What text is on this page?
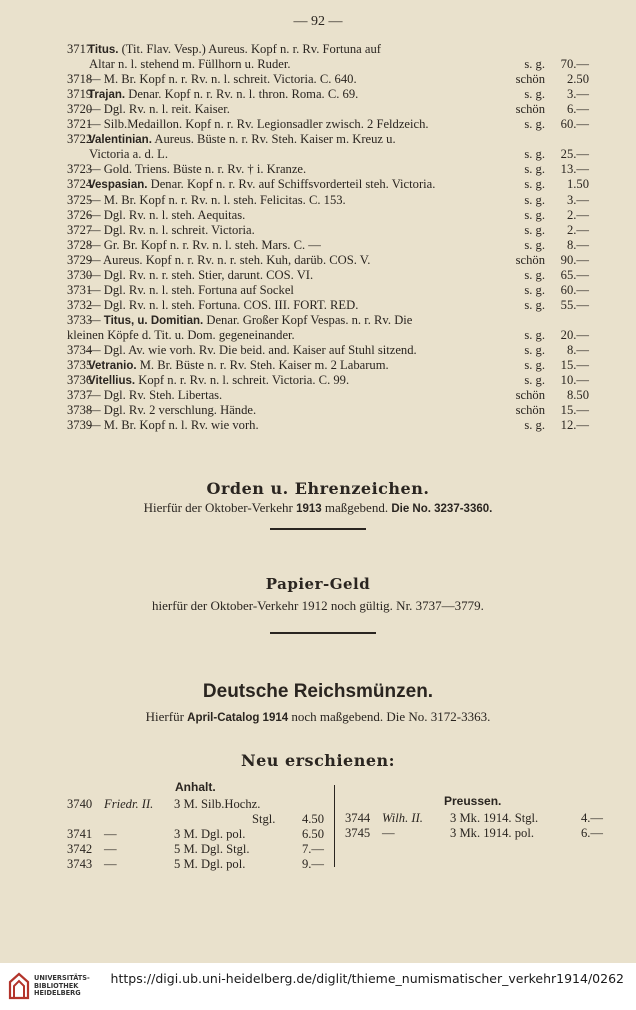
— 92 —
3717
Titus. (Tit. Flav. Vesp.) Aureus. Kopf n. r. Rv. Fortuna auf
Altar n. l. stehend m. Füllhorn u. Ruder.	s. g. 70.—
3718
— M. Br. Kopf n. r. Rv. n. l. schreit. Victoria. C. 640.	schön 2.50
3719
Trajan. Denar. Kopf n. r. Rv. n. l. thron. Roma. C. 69.	s. g. 3.—
3720
— Dgl. Rv. n. l. reit. Kaiser.	schön 6.—
3721
— Silb.Medaillon. Kopf n. r. Rv. Legionsadler zwisch. 2 Feldzeich.	s. g. 60.—
3722
Valentinian. Aureus. Büste n. r. Rv. Steh. Kaiser m. Kreuz u.
Victoria a. d. L.	s. g. 25.—
3723
— Gold. Triens. Büste n. r. Rv. † i. Kranze.	s. g. 13.—
3724
Vespasian. Denar. Kopf n. r. Rv. auf Schiffsvorderteil steh. Victoria.	s. g. 1.50
3725
— M. Br. Kopf n. r. Rv. n. l. steh. Felicitas. C. 153.	s. g. 3.—
3726
— Dgl. Rv. n. l. steh. Aequitas.	s. g. 2.—
3727
— Dgl. Rv. n. l. schreit. Victoria.	s. g. 2.—
3728
— Gr. Br. Kopf n. r. Rv. n. l. steh. Mars. C. —	s. g. 8.—
3729
— Aureus. Kopf n. r. Rv. n. r. steh. Kuh, darüb. COS. V.	schön 90.—
3730
— Dgl. Rv. n. r. steh. Stier, darunt. COS. VI.	s. g. 65.—
3731
— Dgl. Rv. n. l. steh. Fortuna auf Sockel	s. g. 60.—
3732
— Dgl. Rv. n. l. steh. Fortuna. COS. III. FORT. RED.	s. g. 55.—
3733
— Titus, u. Domitian. Denar. Großer Kopf Vespas. n. r. Rv. Die
kleinen Köpfe d. Tit. u. Dom. gegeneinander.	s. g. 20.—
3734
— Dgl. Av. wie vorh. Rv. Die beid. and. Kaiser auf Stuhl sitzend.	s. g. 8.—
3735
Vetranio. M. Br. Büste n. r. Rv. Steh. Kaiser m. 2 Labarum.	s. g. 15.—
3736
Vitellius. Kopf n. r. Rv. n. l. schreit. Victoria. C. 99.	s. g. 10.—
3737
— Dgl. Rv. Steh. Libertas.	schön 8.50
3738
— Dgl. Rv. 2 verschlung. Hände.	schön 15.—
3739
— M. Br. Kopf n. l. Rv. wie vorh.	s. g. 12.—
Orden u. Ehrenzeichen.
Hierfür der Oktober-Verkehr 1913 maßgebend. Die No. 3237-3360.
Papier-Geld
hierfür der Oktober-Verkehr 1912 noch gültig. Nr. 3737—3779.
Deutsche Reichsmünzen.
Hierfür April-Catalog 1914 noch maßgebend. Die No. 3172-3363.
Neu erschienen:
Anhalt.
Preussen.
3740 Friedr. II. 3 M. Silb.Hochz.
Stgl. 4.50
3741 —	3 M. Dgl. pol.	6.50
3742 —	5 M. Dgl. Stgl.	7.—
3743 —	5 M. Dgl. pol.	9.—
3744 Wilh. II. 3 Mk. 1914. Stgl.	4.—
3745 —	3 Mk. 1914. pol.	6.—
UNIVERSITÄTS-
BIBLIOTHEK
HEIDELBERG
https://digi.ub.uni-heidelberg.de/diglit/thieme_numismatischer_verkehr1914/0262
